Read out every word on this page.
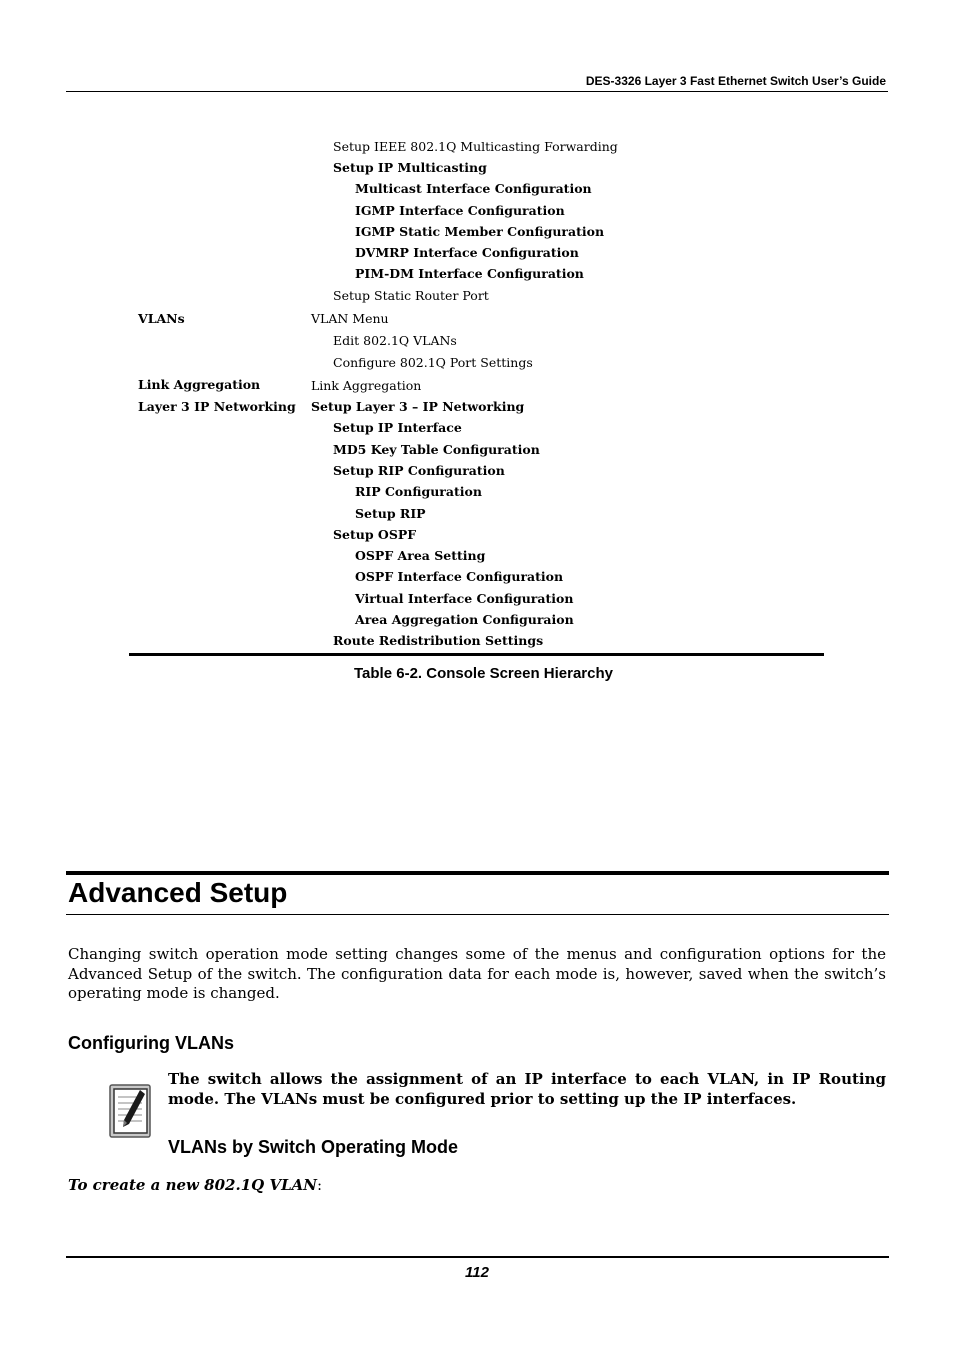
DES-3326 Layer 3 Fast Ethernet Switch User’s Guide
Setup IEEE 802.1Q Multicasting Forwarding
Setup IP Multicasting
Multicast Interface Configuration
IGMP Interface Configuration
IGMP Static Member Configuration
DVMRP Interface Configuration
PIM-DM Interface Configuration
Setup Static Router Port
VLANs	VLAN Menu
Edit 802.1Q VLANs
Configure 802.1Q Port Settings
Link Aggregation	Link Aggregation
Layer 3 IP Networking Setup Layer 3 – IP Networking
Setup IP Interface
MD5 Key Table Configuration
Setup RIP Configuration
RIP Configuration
Setup RIP
Setup OSPF
OSPF Area Setting
OSPF Interface Configuration
Virtual Interface Configuration
Area Aggregation Configuraion
Route Redistribution Settings
Table 6-2. Console Screen Hierarchy
Advanced Setup
Changing switch operation mode setting changes some of the menus and configuration options for the Advanced Setup of the switch. The configuration data for each mode is, however, saved when the switch’s operating mode is changed.
Configuring VLANs
The switch allows the assignment of an IP interface to each VLAN, in IP Routing mode. The VLANs must be configured prior to setting up the IP interfaces.
VLANs by Switch Operating Mode
To create a new 802.1Q VLAN:
112
